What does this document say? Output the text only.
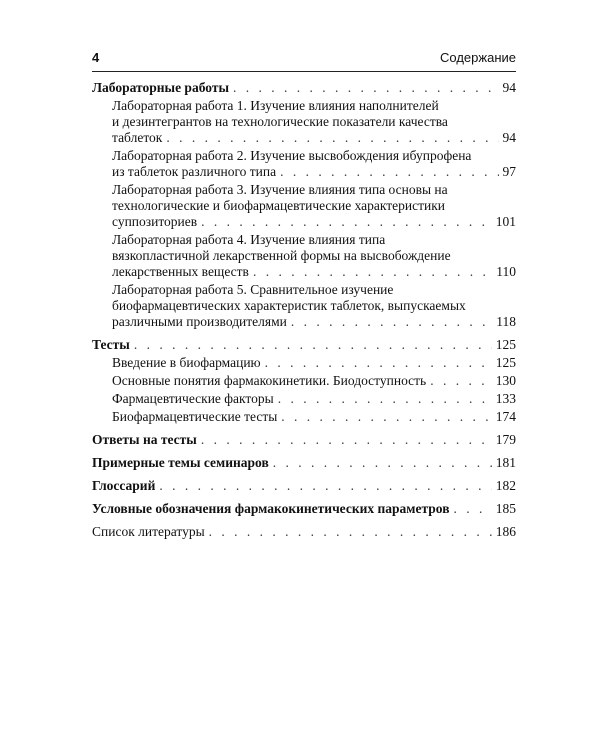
4	Содержание
Лабораторные работы . . .	94
Лабораторная работа 1. Изучение влияния наполнителей
и дезинтегрантов на технологические показатели качества
таблеток . . .	94
Лабораторная работа 2. Изучение высвобождения ибупрофена
из таблеток различного типа . . .	97
Лабораторная работа 3. Изучение влияния типа основы на
технологические и биофармацевтические характеристики
суппозиториев . . .	101
Лабораторная работа 4. Изучение влияния типа
вязкопластичной лекарственной формы на высвобождение
лекарственных веществ . . .	110
Лабораторная работа 5. Сравнительное изучение
биофармацевтических характеристик таблеток, выпускаемых
различными производителями . . .	118
Тесты . . .	125
Введение в биофармацию . . .	125
Основные понятия фармакокинетики. Биодоступность . . .	130
Фармацевтические факторы . . .	133
Биофармацевтические тесты . . .	174
Ответы на тесты . . .	179
Примерные темы семинаров . . .	181
Глоссарий . . .	182
Условные обозначения фармакокинетических параметров . . .	185
Список литературы . . .	186
